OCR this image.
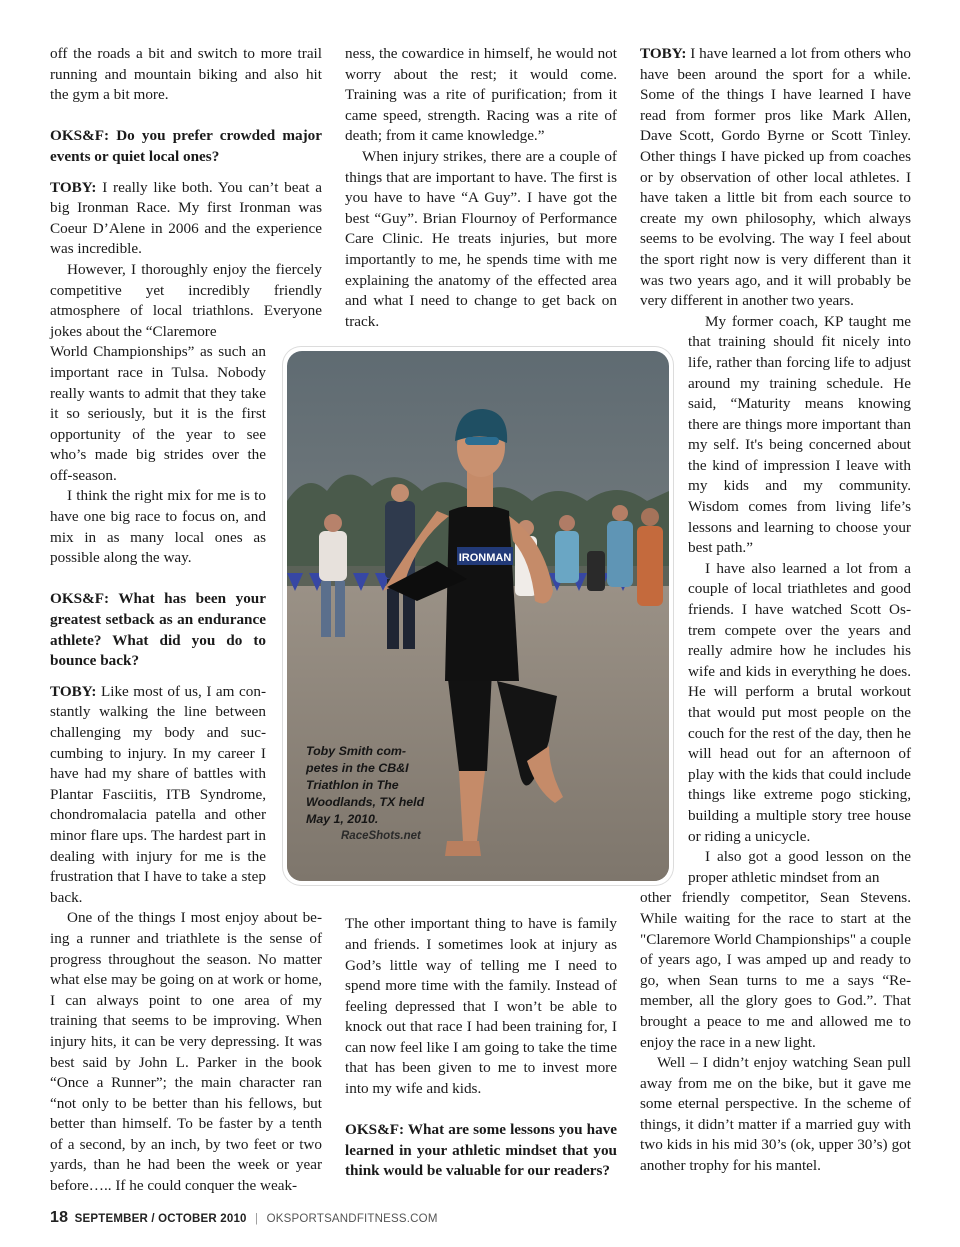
off the roads a bit and switch to more trail running and mountain biking and also hit the gym a bit more.

OKS&F: Do you prefer crowded major events or quiet local ones?

TOBY: I really like both. You can’t beat a big Ironman Race. My first Ironman was Coeur D’Alene in 2006 and the experience was incredible.

However, I thoroughly enjoy the fiercely competitive yet incredibly friendly atmosphere of local triathlons. Everyone jokes about the “Claremore

World Championships” as such an important race in Tulsa. Nobody really wants to admit that they take it so seriously, but it is the first opportunity of the year to see who’s made big strides over the off-season.

I think the right mix for me is to have one big race to focus on, and mix in as many local ones as possible along the way.

OKS&F: What has been your greatest setback as an endurance athlete? What did you do to bounce back?

TOBY: Like most of us, I am constantly walking the line between challenging my body and succumbing to injury. In my career I have had my share of battles with Plantar Fasciitis, ITB Syndrome, chondromalacia patella and other minor flare ups. The hardest part in dealing with injury for me is the frustration that I have to take a step back.

One of the things I most enjoy about being a runner and triathlete is the sense of progress throughout the season. No matter what else may be going on at work or home, I can always point to one area of my training that seems to be improving. When injury hits, it can be very depressing. It was best said by John L. Parker in the book “Once a Runner”; the main character ran “not only to be better than his fellows, but better than himself. To be faster by a tenth of a second, by an inch, by two feet or two yards, than he had been the week or year before….. If he could conquer the weak-

ness, the cowardice in himself, he would not worry about the rest; it would come. Training was a rite of purification; from it came speed, strength. Racing was a rite of death; from it came knowledge.”

When injury strikes, there are a couple of things that are important to have. The first is you have to have “A Guy”. I have got the best “Guy”. Brian Flournoy of Performance Care Clinic. He treats injuries, but more importantly to me, he spends time with me explaining the anatomy of the effected area and what I need to change to get back on track.

The other important thing to have is family and friends. I sometimes look at injury as God’s little way of telling me I need to spend more time with the family. Instead of feeling depressed that I won’t be able to knock out that race I had been training for, I can now feel like I am going to take the time that has been given to me to invest more into my wife and kids.

OKS&F: What are some lessons you have learned in your athletic mindset that you think would be valuable for our readers?

TOBY: I have learned a lot from others who have been around the sport for a while. Some of the things I have learned I have read from former pros like Mark Allen, Dave Scott, Gordo Byrne or Scott Tinley. Other things I have picked up from coaches or by observation of other local athletes. I have taken a little bit from each source to create my own philosophy, which always seems to be evolving. The way I feel about the sport right now is very different than it was two years ago, and it will probably be very different in another two years.

My former coach, KP taught me that training should fit nicely into life, rather than forcing life to adjust around my training schedule. He said, “Maturity means knowing there are things more important than my self. It's being concerned about the kind of impression I leave with my kids and my community. Wisdom comes from living life’s lessons and learning to choose your best path.”

I have also learned a lot from a couple of local triathletes and good friends. I have watched Scott Ostrem compete over the years and really admire how he includes his wife and kids in everything he does. He will perform a brutal workout that would put most people on the couch for the rest of the day, then he will head out for an afternoon of play with the kids that could include things like extreme pogo sticking, building a multiple story tree house or riding a unicycle.

I also got a good lesson on the proper athletic mindset from an

other friendly competitor, Sean Stevens. While waiting for the race to start at the "Claremore World Championships" a couple of years ago, I was amped up and ready to go, when Sean turns to me a says “Remember, all the glory goes to God.”. That brought a peace to me and allowed me to enjoy the race in a new light.

Well – I didn’t enjoy watching Sean pull away from me on the bike, but it gave me some eternal perspective. In the scheme of things, it didn’t matter if a married guy with two kids in his mid 30’s (ok, upper 30’s) got another trophy for his mantel.

IRONMAN
Toby Smith competes in the CB&I Triathlon in The Woodlands, TX held May 1, 2010.
RaceShots.net
18 SEPTEMBER / OCTOBER 2010 | OKSPORTSANDFITNESS.COM
